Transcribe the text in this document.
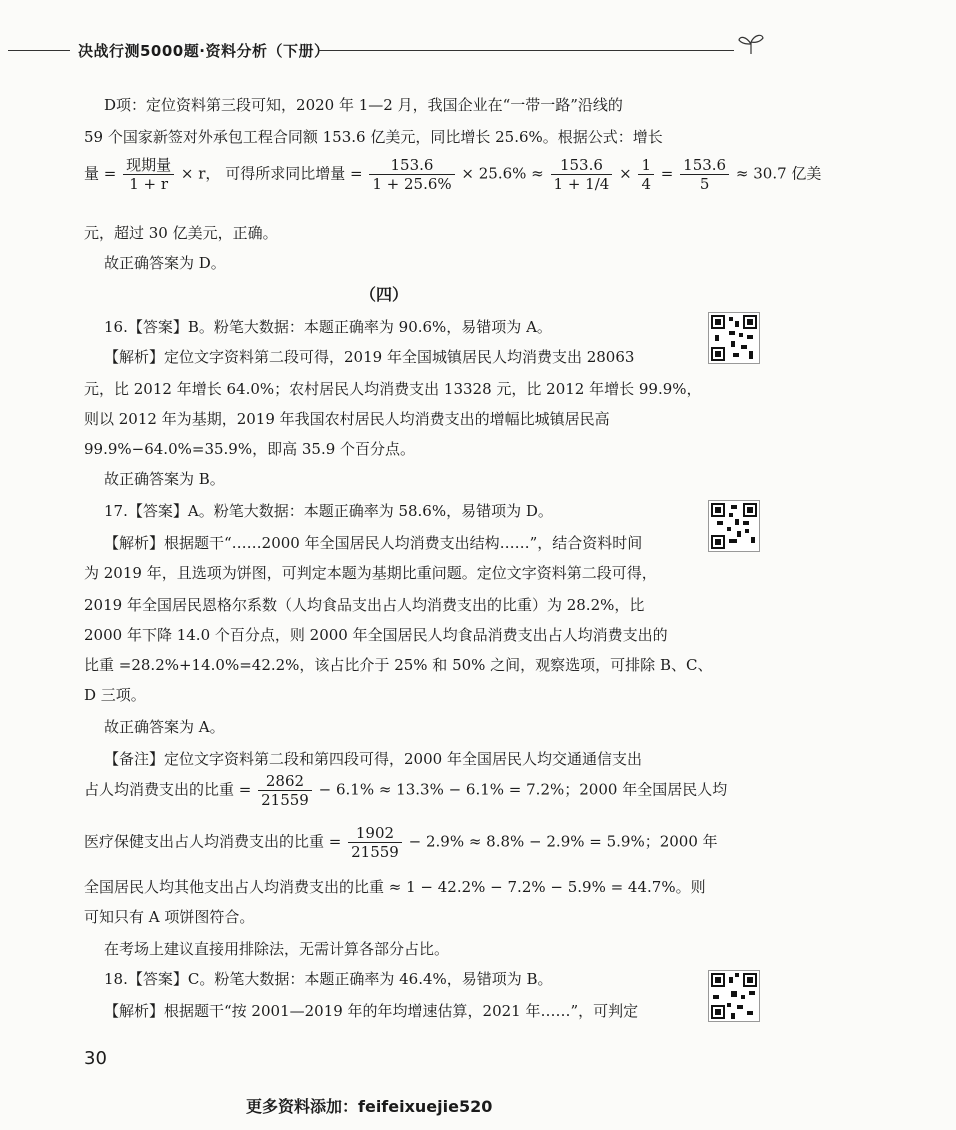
决战行测5000题·资料分析（下册）
D项：定位资料第三段可知，2020 年 1—2 月，我国企业在“一带一路”沿线的
59 个国家新签对外承包工程合同额 153.6 亿美元，同比增长 25.6%。根据公式：增长
量 = $\frac{\text{现期量}}{1 + r} \times r$， 可得所求同比增量 = $\frac{153.6}{1 + 25.6\%} \times 25.6\% \approx \frac{153.6}{1 + 1/4} \times \frac{1}{4} = \frac{153.6}{5} \approx 30.7$ 亿美
元，超过 30 亿美元，正确。
故正确答案为 D。
（四）
16.【答案】B。粉笔大数据：本题正确率为 90.6%，易错项为 A。
【解析】定位文字资料第二段可得，2019 年全国城镇居民人均消费支出 28063
元，比 2012 年增长 64.0%；农村居民人均消费支出 13328 元，比 2012 年增长 99.9%，
则以 2012 年为基期，2019 年我国农村居民人均消费支出的增幅比城镇居民高
99.9%−64.0%=35.9%，即高 35.9 个百分点。
故正确答案为 B。
17.【答案】A。粉笔大数据：本题正确率为 58.6%，易错项为 D。
【解析】根据题干“……2000 年全国居民人均消费支出结构……”，结合资料时间
为 2019 年，且选项为饼图，可判定本题为基期比重问题。定位文字资料第二段可得，
2019 年全国居民恩格尔系数（人均食品支出占人均消费支出的比重）为 28.2%，比
2000 年下降 14.0 个百分点，则 2000 年全国居民人均食品消费支出占人均消费支出的
比重 =28.2%+14.0%=42.2%，该占比介于 25% 和 50% 之间，观察选项，可排除 B、C、
D 三项。
故正确答案为 A。
【备注】定位文字资料第二段和第四段可得，2000 年全国居民人均交通通信支出
占人均消费支出的比重 = $\frac{2862}{21559} - 6.1\% \approx 13.3\% - 6.1\% = 7.2\%$；2000 年全国居民人均
医疗保健支出占人均消费支出的比重 = $\frac{1902}{21559} - 2.9\% \approx 8.8\% - 2.9\% = 5.9\%$；2000 年
全国居民人均其他支出占人均消费支出的比重 ≈ 1 − 42.2% − 7.2% − 5.9% = 44.7%。则
可知只有 A 项饼图符合。
在考场上建议直接用排除法，无需计算各部分占比。
18.【答案】C。粉笔大数据：本题正确率为 46.4%，易错项为 B。
【解析】根据题干“按 2001—2019 年的年均增速估算，2021 年……”，可判定
30
更多资料添加：feifeixuejie520
